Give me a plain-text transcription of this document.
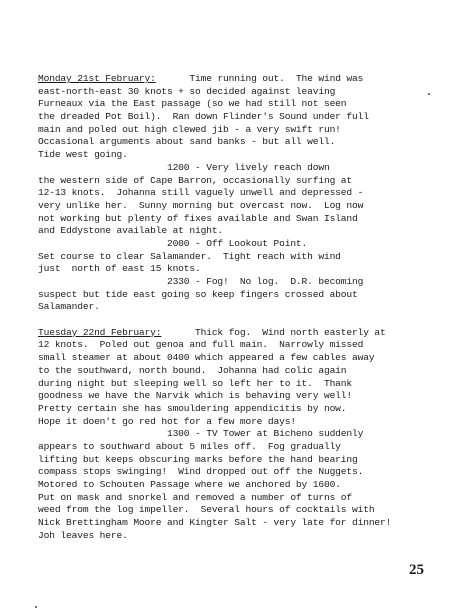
Monday 21st February:      Time running out.  The wind was
east-north-east 30 knots + so decided against leaving
Furneaux via the East passage (so we had still not seen
the dreaded Pot Boil).  Ran down Flinder's Sound under full
main and poled out high clewed jib - a very swift run!
Occasional arguments about sand banks - but all well.
Tide west going.
1200 - Very lively reach down
the western side of Cape Barron, occasionally surfing at
12-13 knots.  Johanna still vaguely unwell and depressed -
very unlike her.  Sunny morning but overcast now.  Log now
not working but plenty of fixes available and Swan Island
and Eddystone available at night.
2000 - Off Lookout Point.
Set course to clear Salamander.  Tight reach with wind
just  north of east 15 knots.
2330 - Fog!  No log.  D.R. becoming
suspect but tide east going so keep fingers crossed about
Salamander.
Tuesday 22nd February:      Thick fog.  Wind north easterly at
12 knots.  Poled out genoa and full main.  Narrowly missed
small steamer at about 0400 which appeared a few cables away
to the southward, north bound.  Johanna had colic again
during night but sleeping well so left her to it.  Thank
goodness we have the Narvik which is behaving very well!
Pretty certain she has smouldering appendicitis by now.
Hope it doen't go red hot for a few more days!
1300 - TV Tower at Bicheno suddenly
appears to southward about 5 miles off.  Fog gradually
lifting but keeps obscuring marks before the hand bearing
compass stops swinging!  Wind dropped out off the Nuggets.
Motored to Schouten Passage where we anchored by 1600.
Put on mask and snorkel and removed a number of turns of
weed from the log impeller.  Several hours of cocktails with
Nick Brettingham Moore and Kingter Salt - very late for dinner!
Joh leaves here.
25
